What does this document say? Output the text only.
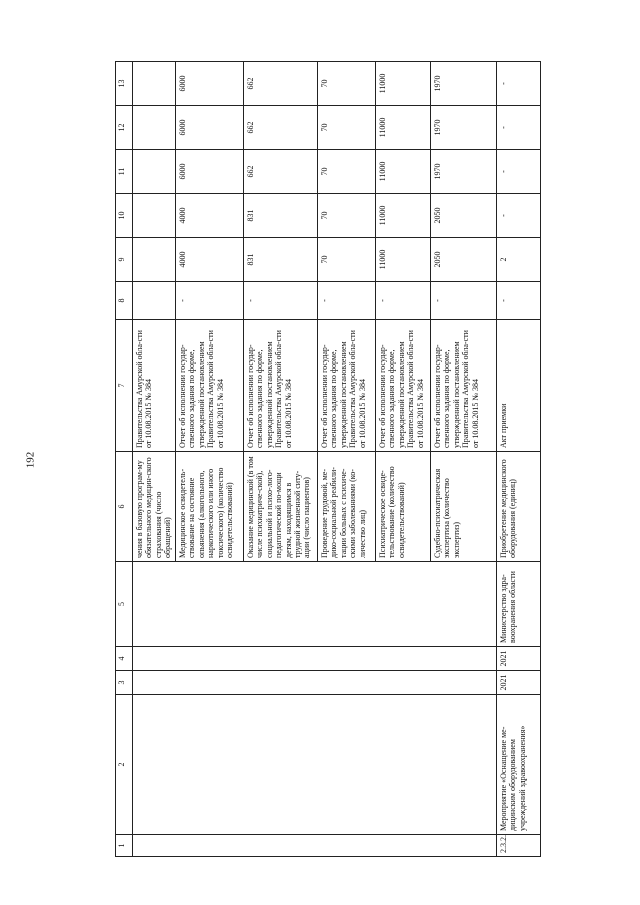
192
1	2	3	4	5	6	7	8	9	10	11	12	13
					чения в базовую програм-му обязательного медицин-ского страхования (число обращений)	Правительства Амурской обла-сти от 10.08.2015 № 384						
					Медицинское освидетель-ствование на состояние опьянения (алкогольного, наркотического или иного токсического) (количество освидетельствований)	Отчет об исполнении государ-ственного задания по форме, утвержденной постановлением Правительства Амурской обла-сти от 10.08.2015 № 384	-	4000	4000	6000	6000	6000
					Оказание медицинской (в том числе психиатриче-ской), социальной и психо-лого-педагогической по-мощи детям, находящимся в трудной жизненной ситу-ации (число пациентов)	Отчет об исполнении государ-ственного задания по форме, утвержденной постановлением Правительства Амурской обла-сти от 10.08.2015 № 384	-	831	831	662	662	662
					Проведение трудовой, ме-дико-социальной реабили-тации больных с психиче-скими заболеваниями (ко-личество лиц)	Отчет об исполнении государ-ственного задания по форме, утвержденной постановлением Правительства Амурской обла-сти от 10.08.2015 № 384	-	70	70	70	70	70
					Психиатрическое освиде-тельствование (количество освидетельствований)	Отчет об исполнении государ-ственного задания по форме, утвержденной постановлением Правительства Амурской обла-сти от 10.08.2015 № 384	-	11000	11000	11000	11000	11000
					Судебно-психиатрическая экспертиза (количество экспертиз)	Отчет об исполнении государ-ственного задания по форме, утвержденной постановлением Правительства Амурской обла-сти от 10.08.2015 № 384	-	2050	2050	1970	1970	1970
2.3.2.	Мероприятие «Оснащение ме-дицинским оборудованием учреждений здравоохранения»	2021	2021	Министерство здра-воохранения области	Приобретение медицинского оборудования (единиц)	Акт приемки	-	2	-	-	-	-
